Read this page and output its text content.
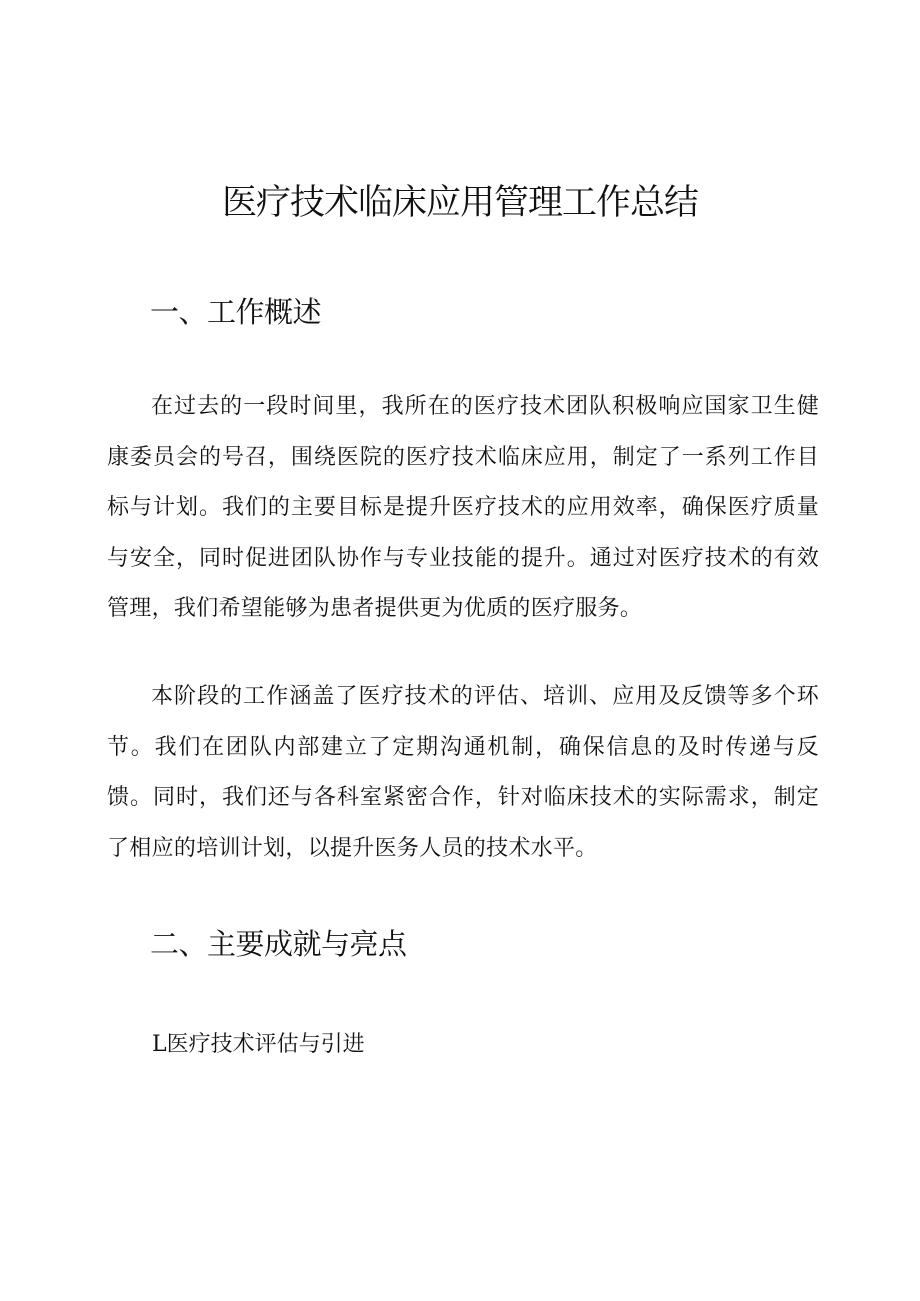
医疗技术临床应用管理工作总结
一、工作概述

在过去的一段时间里，我所在的医疗技术团队积极响应国家卫生健康委员会的号召，围绕医院的医疗技术临床应用，制定了一系列工作目标与计划。我们的主要目标是提升医疗技术的应用效率，确保医疗质量与安全，同时促进团队协作与专业技能的提升。通过对医疗技术的有效管理，我们希望能够为患者提供更为优质的医疗服务。

本阶段的工作涵盖了医疗技术的评估、培训、应用及反馈等多个环节。我们在团队内部建立了定期沟通机制，确保信息的及时传递与反馈。同时，我们还与各科室紧密合作，针对临床技术的实际需求，制定了相应的培训计划，以提升医务人员的技术水平。

二、主要成就与亮点

L医疗技术评估与引进
